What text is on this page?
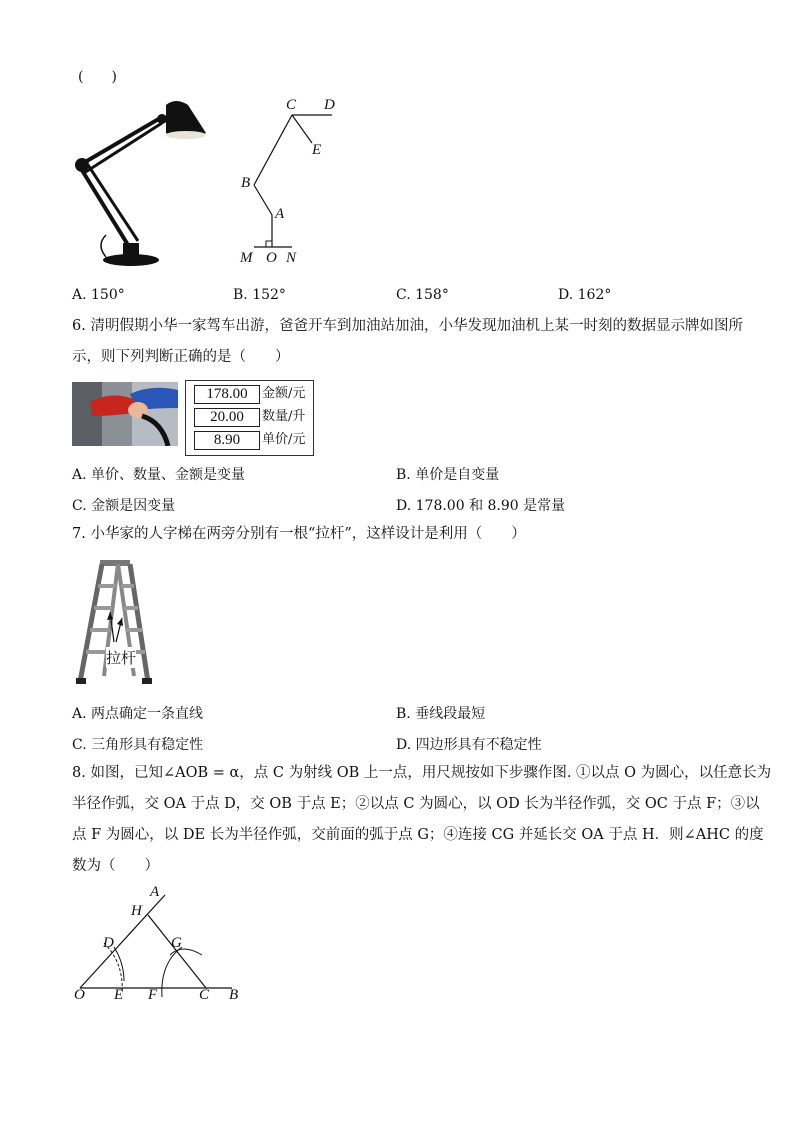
(　　)
C D
E
B
A
M O N
A. 150°	B. 152°	C. 158°	D. 162°
6. 清明假期小华一家驾车出游，爸爸开车到加油站加油，小华发现加油机上某一时刻的数据显示牌如图所
示，则下列判断正确的是（　　）
178.00	金额/元
20.00	数量/升
8.90	单价/元
A. 单价、数量、金额是变量	B. 单价是自变量
C. 金额是因变量	D. 178.00 和 8.90 是常量
7. 小华家的人字梯在两旁分别有一根“拉杆”，这样设计是利用（　　）
拉杆
A. 两点确定一条直线	B. 垂线段最短
C. 三角形具有稳定性	D. 四边形具有不稳定性
8. 如图，已知∠AOB = α，点 C 为射线 OB 上一点，用尺规按如下步骤作图. ①以点 O 为圆心，以任意长为
半径作弧，交 OA 于点 D，交 OB 于点 E；②以点 C 为圆心，以 OD 长为半径作弧，交 OC 于点 F；③以
点 F 为圆心，以 DE 长为半径作弧，交前面的弧于点 G；④连接 CG 并延长交 OA 于点 H．则∠AHC 的度
数为（　　）
A
H
D	G
O E F	C B
